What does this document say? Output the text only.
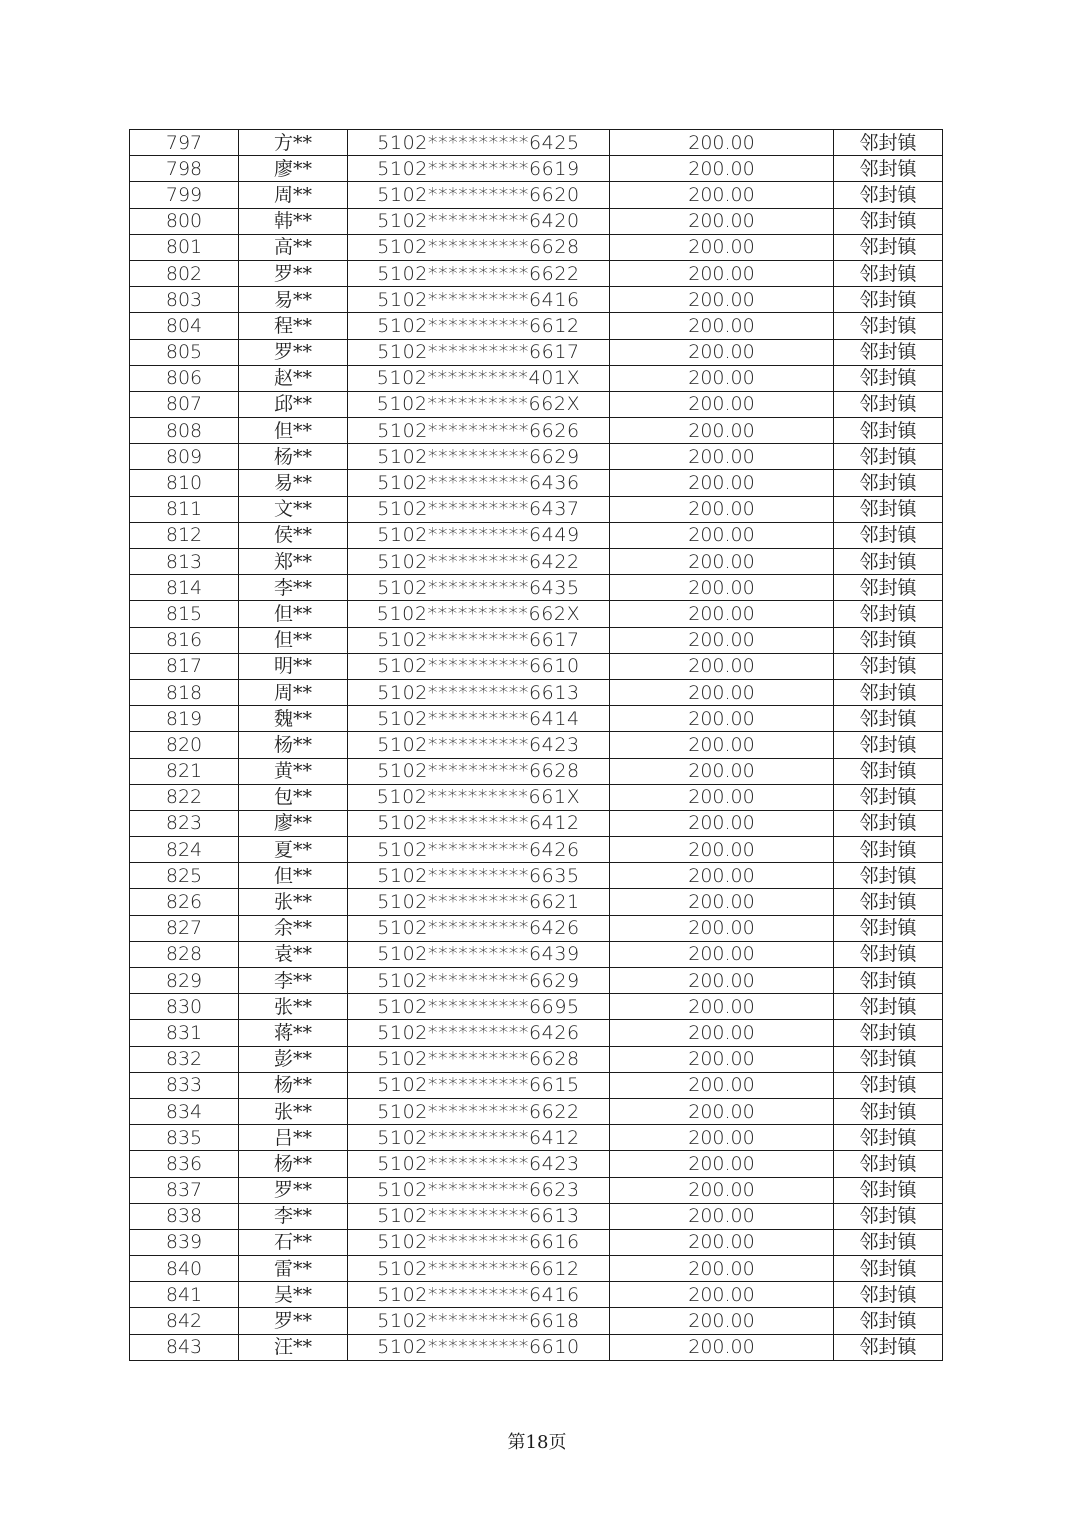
797	方**	5102**********6425	200.00	邻封镇
798	廖**	5102**********6619	200.00	邻封镇
799	周**	5102**********6620	200.00	邻封镇
800	韩**	5102**********6420	200.00	邻封镇
801	高**	5102**********6628	200.00	邻封镇
802	罗**	5102**********6622	200.00	邻封镇
803	易**	5102**********6416	200.00	邻封镇
804	程**	5102**********6612	200.00	邻封镇
805	罗**	5102**********6617	200.00	邻封镇
806	赵**	5102**********401X	200.00	邻封镇
807	邱**	5102**********662X	200.00	邻封镇
808	但**	5102**********6626	200.00	邻封镇
809	杨**	5102**********6629	200.00	邻封镇
810	易**	5102**********6436	200.00	邻封镇
811	文**	5102**********6437	200.00	邻封镇
812	侯**	5102**********6449	200.00	邻封镇
813	郑**	5102**********6422	200.00	邻封镇
814	李**	5102**********6435	200.00	邻封镇
815	但**	5102**********662X	200.00	邻封镇
816	但**	5102**********6617	200.00	邻封镇
817	明**	5102**********6610	200.00	邻封镇
818	周**	5102**********6613	200.00	邻封镇
819	魏**	5102**********6414	200.00	邻封镇
820	杨**	5102**********6423	200.00	邻封镇
821	黄**	5102**********6628	200.00	邻封镇
822	包**	5102**********661X	200.00	邻封镇
823	廖**	5102**********6412	200.00	邻封镇
824	夏**	5102**********6426	200.00	邻封镇
825	但**	5102**********6635	200.00	邻封镇
826	张**	5102**********6621	200.00	邻封镇
827	余**	5102**********6426	200.00	邻封镇
828	袁**	5102**********6439	200.00	邻封镇
829	李**	5102**********6629	200.00	邻封镇
830	张**	5102**********6695	200.00	邻封镇
831	蒋**	5102**********6426	200.00	邻封镇
832	彭**	5102**********6628	200.00	邻封镇
833	杨**	5102**********6615	200.00	邻封镇
834	张**	5102**********6622	200.00	邻封镇
835	吕**	5102**********6412	200.00	邻封镇
836	杨**	5102**********6423	200.00	邻封镇
837	罗**	5102**********6623	200.00	邻封镇
838	李**	5102**********6613	200.00	邻封镇
839	石**	5102**********6616	200.00	邻封镇
840	雷**	5102**********6612	200.00	邻封镇
841	吴**	5102**********6416	200.00	邻封镇
842	罗**	5102**********6618	200.00	邻封镇
843	汪**	5102**********6610	200.00	邻封镇
第18页
